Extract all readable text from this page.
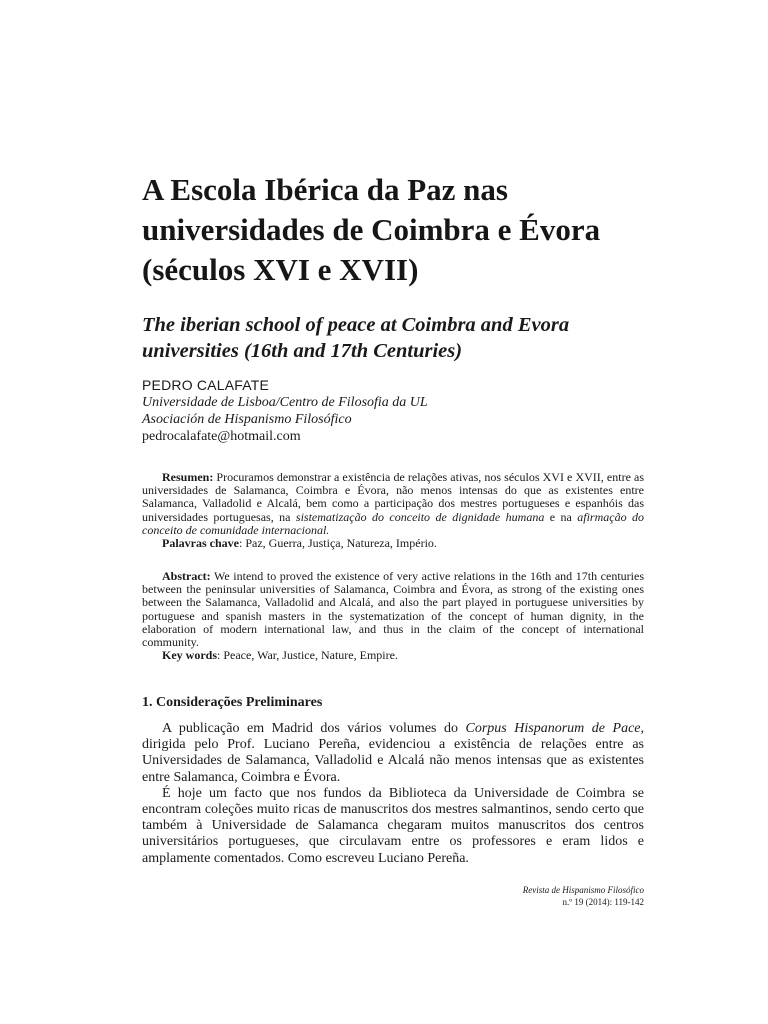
A Escola Ibérica da Paz nas
universidades de Coimbra e Évora
(séculos XVI e XVII)
The iberian school of peace at Coimbra and Evora
universities (16th and 17th Centuries)
PEDRO CALAFATE
Universidade de Lisboa/Centro de Filosofia da UL
Asociación de Hispanismo Filosófico
pedrocalafate@hotmail.com

Resumen: Procuramos demonstrar a existência de relações ativas, nos séculos XVI e XVII, entre as universidades de Salamanca, Coimbra e Évora, não menos intensas do que as existentes entre Salamanca, Valladolid e Alcalá, bem como a participação dos mestres portugueses e espanhóis das universidades portuguesas, na sistematização do conceito de dignidade humana e na afirmação do conceito de comunidade internacional.

Palavras chave: Paz, Guerra, Justiça, Natureza, Império.

Abstract: We intend to proved the existence of very active relations in the 16th and 17th centuries between the peninsular universities of Salamanca, Coimbra and Évora, as strong of the existing ones between the Salamanca, Valladolid and Alcalá, and also the part played in portuguese universities by portuguese and spanish masters in the systematization of the concept of human dignity, in the elaboration of modern international law, and thus in the claim of the concept of international community.

Key words: Peace, War, Justice, Nature, Empire.

1. Considerações Preliminares

A publicação em Madrid dos vários volumes do Corpus Hispanorum de Pace, dirigida pelo Prof. Luciano Pereña, evidenciou a existência de relações entre as Universidades de Salamanca, Valladolid e Alcalá não menos intensas que as existentes entre Salamanca, Coimbra e Évora.

É hoje um facto que nos fundos da Biblioteca da Universidade de Coimbra se encontram coleções muito ricas de manuscritos dos mestres salmantinos, sendo certo que também à Universidade de Salamanca chegaram muitos manuscritos dos centros universitários portugueses, que circulavam entre os professores e eram lidos e amplamente comentados. Como escreveu Luciano Pereña.

Revista de Hispanismo Filosófico
n.º 19 (2014): 119-142
